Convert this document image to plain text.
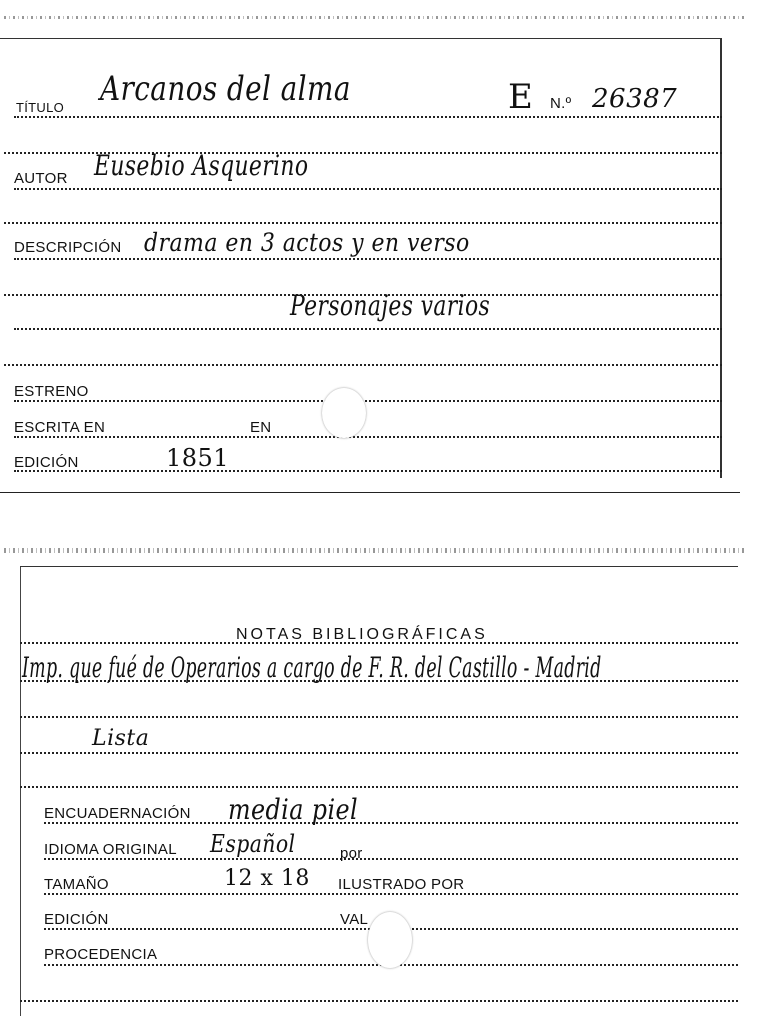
TÍTULO Arcanos del alma	E N.º 26387
AUTOR Eusebio Asquerino
DESCRIPCIÓN drama en 3 actos y en verso
Personajes varios
ESTRENO
ESCRITA EN	EN
EDICIÓN	1851
NOTAS BIBLIOGRÁFICAS
Imp. que fué de Operarios a cargo de F. R. del Castillo - Madrid
Lista
ENCUADERNACIÓN media piel
IDIOMA ORIGINAL Español	por
TAMAÑO	12 x 18 ILUSTRADO POR
EDICIÓN	VAL
PROCEDENCIA
